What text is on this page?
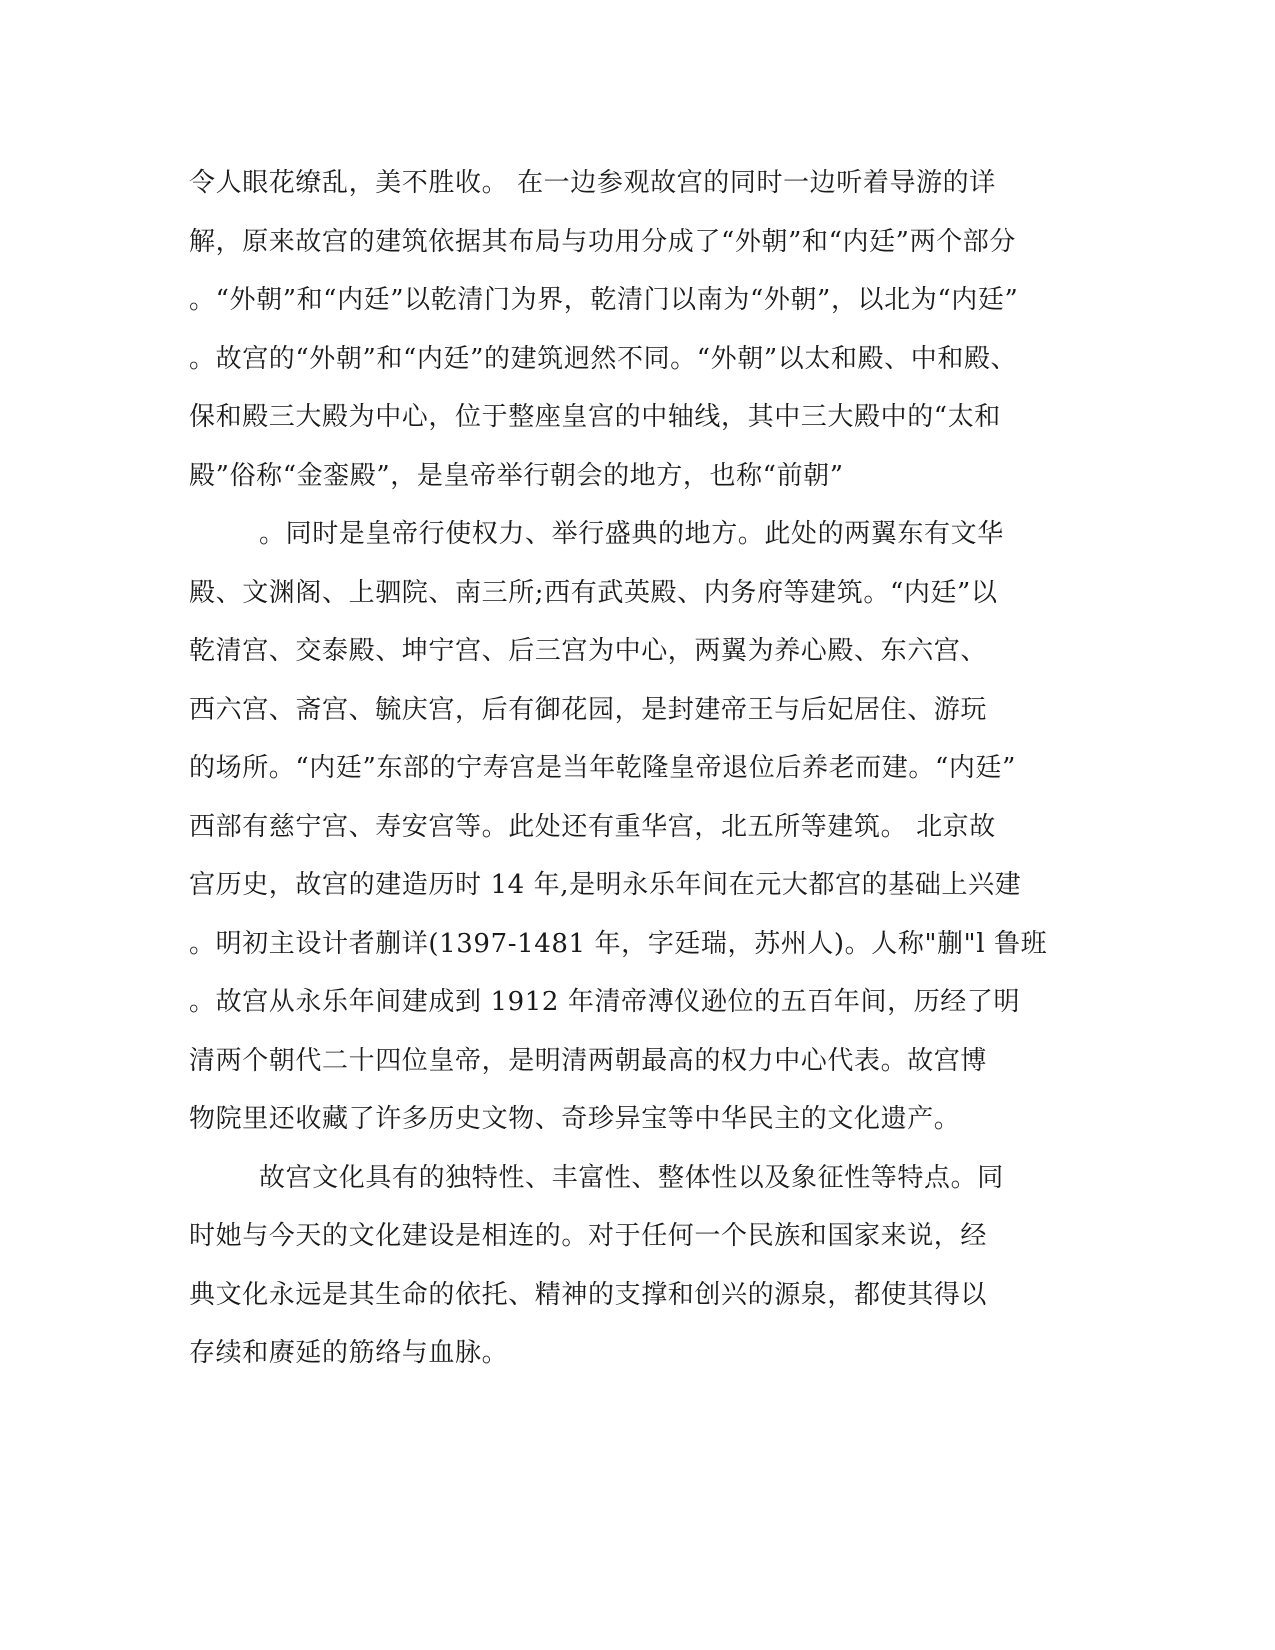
令人眼花缭乱，美不胜收。 在一边参观故宫的同时一边听着导游的详
解，原来故宫的建筑依据其布局与功用分成了“外朝”和“内廷”两个部分
。“外朝”和“内廷”以乾清门为界，乾清门以南为“外朝”，以北为“内廷”
。故宫的“外朝”和“内廷”的建筑迥然不同。“外朝”以太和殿、中和殿、
保和殿三大殿为中心，位于整座皇宫的中轴线，其中三大殿中的“太和
殿”俗称“金銮殿”，是皇帝举行朝会的地方，也称“前朝”
。同时是皇帝行使权力、举行盛典的地方。此处的两翼东有文华
殿、文渊阁、上驷院、南三所;西有武英殿、内务府等建筑。“内廷”以
乾清宫、交泰殿、坤宁宫、后三宫为中心，两翼为养心殿、东六宫、
西六宫、斋宫、毓庆宫，后有御花园，是封建帝王与后妃居住、游玩
的场所。“内廷”东部的宁寿宫是当年乾隆皇帝退位后养老而建。“内廷”
西部有慈宁宫、寿安宫等。此处还有重华宫，北五所等建筑。 北京故
宫历史，故宫的建造历时 14 年,是明永乐年间在元大都宫的基础上兴建
。明初主设计者蒯详(1397-1481 年，字廷瑞，苏州人)。人称"蒯"l 鲁班
。故宫从永乐年间建成到 1912 年清帝溥仪逊位的五百年间，历经了明
清两个朝代二十四位皇帝，是明清两朝最高的权力中心代表。故宫博
物院里还收藏了许多历史文物、奇珍异宝等中华民主的文化遗产。
故宫文化具有的独特性、丰富性、整体性以及象征性等特点。同
时她与今天的文化建设是相连的。对于任何一个民族和国家来说，经
典文化永远是其生命的依托、精神的支撑和创兴的源泉，都使其得以
存续和赓延的筋络与血脉。
